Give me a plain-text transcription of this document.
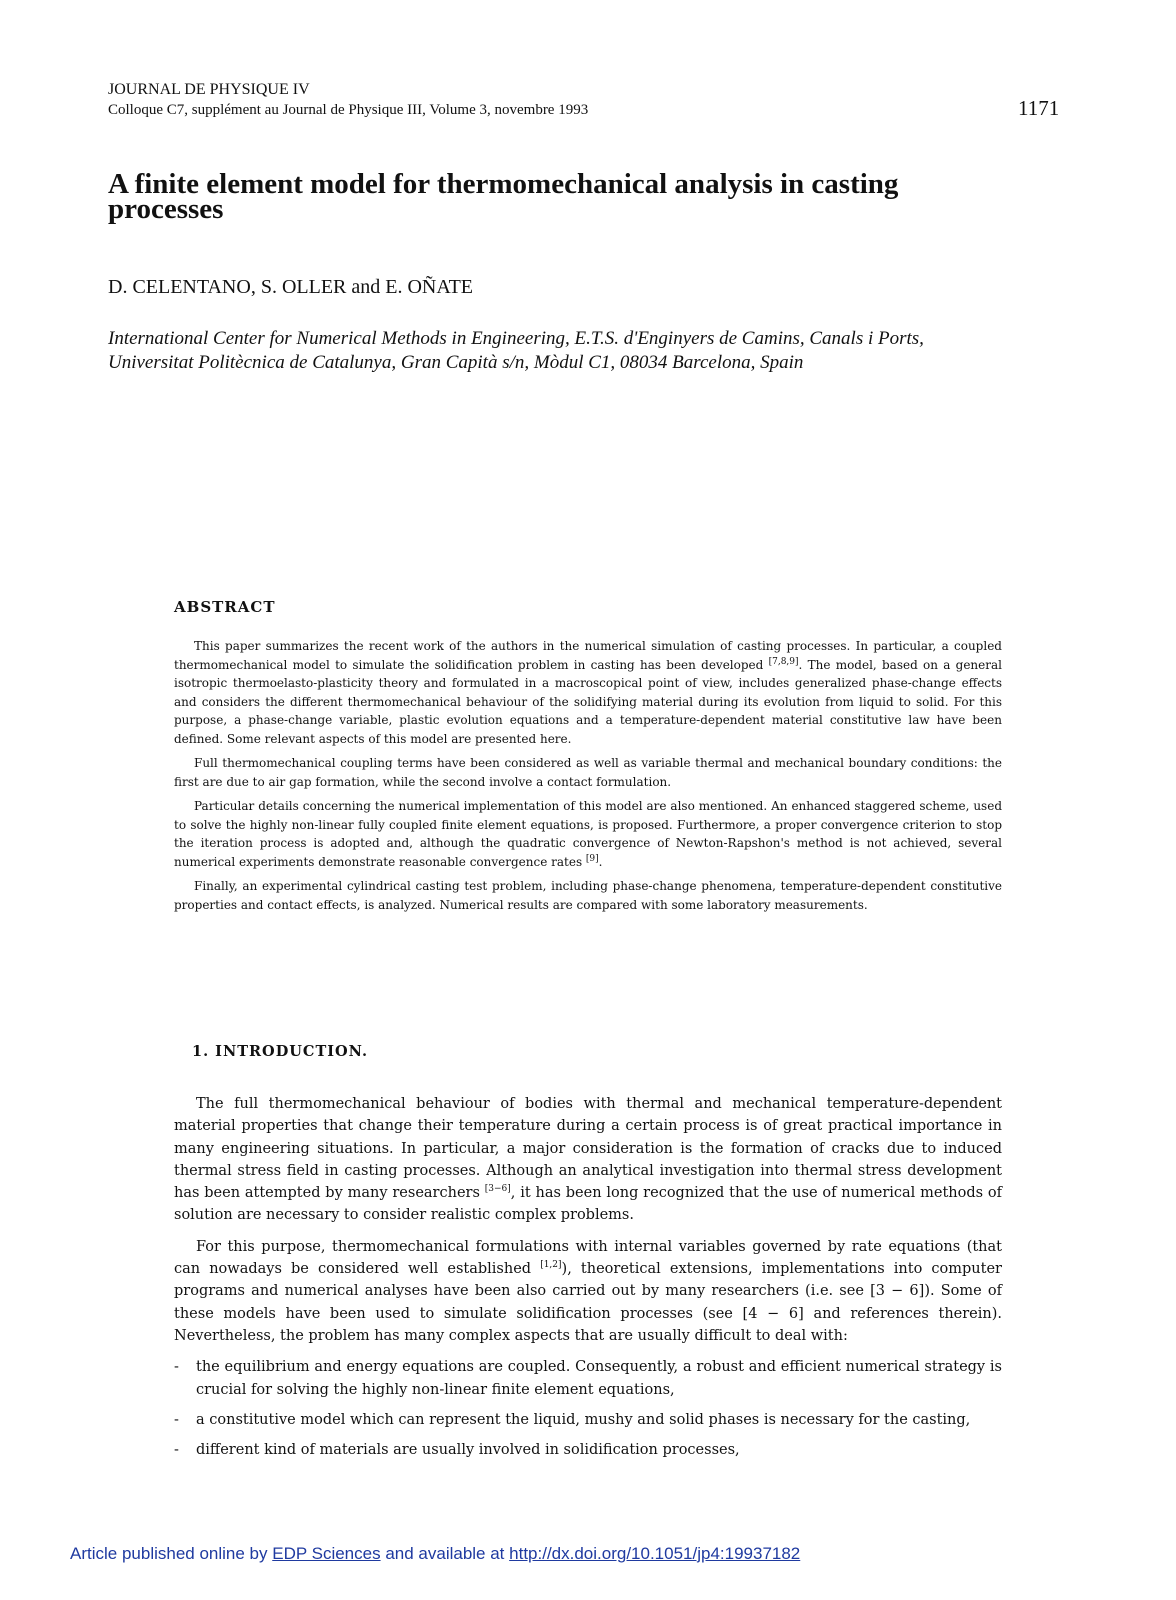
JOURNAL DE PHYSIQUE IV
Colloque C7, supplément au Journal de Physique III, Volume 3, novembre 1993	1171
A finite element model for thermomechanical analysis in casting
processes
D. CELENTANO, S. OLLER and E. OÑATE
International Center for Numerical Methods in Engineering, E.T.S. d'Enginyers de Camins, Canals i Ports,
Universitat Politècnica de Catalunya, Gran Capità s/n, Mòdul C1, 08034 Barcelona, Spain
ABSTRACT

This paper summarizes the recent work of the authors in the numerical simulation of casting processes. In particular, a coupled thermomechanical model to simulate the solidification problem in casting has been developed [7,8,9]. The model, based on a general isotropic thermoelasto-plasticity theory and formulated in a macroscopical point of view, includes generalized phase-change effects and considers the different thermomechanical behaviour of the solidifying material during its evolution from liquid to solid. For this purpose, a phase-change variable, plastic evolution equations and a temperature-dependent material constitutive law have been defined. Some relevant aspects of this model are presented here.

Full thermomechanical coupling terms have been considered as well as variable thermal and mechanical boundary conditions: the first are due to air gap formation, while the second involve a contact formulation.

Particular details concerning the numerical implementation of this model are also mentioned. An enhanced staggered scheme, used to solve the highly non-linear fully coupled finite element equations, is proposed. Furthermore, a proper convergence criterion to stop the iteration process is adopted and, although the quadratic convergence of Newton-Rapshon's method is not achieved, several numerical experiments demonstrate reasonable convergence rates [9].

Finally, an experimental cylindrical casting test problem, including phase-change phenomena, temperature-dependent constitutive properties and contact effects, is analyzed. Numerical results are compared with some laboratory measurements.

1. INTRODUCTION.

The full thermomechanical behaviour of bodies with thermal and mechanical temperature-dependent material properties that change their temperature during a certain process is of great practical importance in many engineering situations. In particular, a major consideration is the formation of cracks due to induced thermal stress field in casting processes. Although an analytical investigation into thermal stress development has been attempted by many researchers [3−6], it has been long recognized that the use of numerical methods of solution are necessary to consider realistic complex problems.

For this purpose, thermomechanical formulations with internal variables governed by rate equations (that can nowadays be considered well established [1,2]), theoretical extensions, implementations into computer programs and numerical analyses have been also carried out by many researchers (i.e. see [3 − 6]). Some of these models have been used to simulate solidification processes (see [4 − 6] and references therein). Nevertheless, the problem has many complex aspects that are usually difficult to deal with:

- the equilibrium and energy equations are coupled. Consequently, a robust and efficient numerical strategy is crucial for solving the highly non-linear finite element equations,
- a constitutive model which can represent the liquid, mushy and solid phases is necessary for the casting,
- different kind of materials are usually involved in solidification processes,
Article published online by EDP Sciences and available at http://dx.doi.org/10.1051/jp4:19937182
